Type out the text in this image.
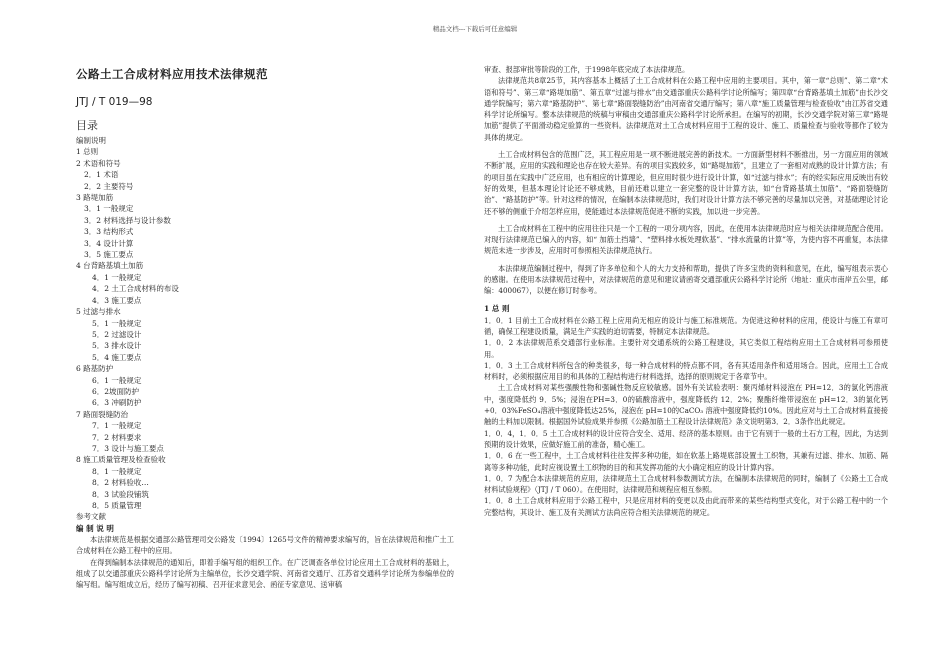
精品文档---下载后可任意编辑
公路土工合成材料应用技术法律规范
JTJ / T 019—98
目录
编制说明
1 总则
2 术语和符号
2．1 术语
2．2 主要符号
3 路堤加筋
3．1 一般规定
3．2 材料选择与设计参数
3．3 结构形式
3．4 设计计算
3．5 施工要点
4 台背路基填土加筋
4．1 一般规定
4．2 土工合成材料的布设
4．3 施工要点
5 过滤与排水
5．1 一般规定
5．2 过滤设计
5．3 排水设计
5．4 施工要点
6 路基防护
6．1 一般规定
6．2坡面防护
6．3 冲刷防护
7 路面裂缝防治
7．1 一般规定
7．2 材料要求
7．3 设计与施工要点
8 施工质量管理及检查验收
8．1 一般规定
8．2 材料验收…
8．3 试验段铺筑
8．5 质量管理
参考文献
编 制 说 明

本法律规范是根据交通部公路管理司交公路发〔1994〕1265号文件的精神要求编写的，旨在法律规范和推广土工合成材料在公路工程中的应用。

在得到编制本法律规范的通知后，即着手编写组的组织工作。在广泛调查各单位讨论应用土工合成材料的基础上，组成了以交通部重庆公路科学讨论所为主编单位，长沙交通学院、河南省交通厅、江苏省交通科学讨论所为参编单位的编写组。编写组成立后，经历了编写初稿、召开征求意见会、函征专家意见、送审稿

审查、报部审批等阶段的工作，于1998年底完成了本法律规范。

法律规范共8章25节，其内容基本上概括了土工合成材料在公路工程中应用的主要项目。其中，第一章“总则”、第二章“术语和符号”、第三章“路堤加筋”、第五章“过滤与排水”由交通部重庆公路科学讨论所编写；第四章“台背路基填土加筋”由长沙交通学院编写；第六章“路基防护”、第七章“路面裂缝防治”由河南省交通厅编写；第八章“施工质量管理与检查验收”由江苏省交通科学讨论所编写。整本法律规范的统稿与审稿由交通部重庆公路科学讨论所承担。在编写的初期，长沙交通学院对第三章“路堤加筋”提供了平面滑动稳定验算的一些资料。法律规范对土工合成材料应用于工程的设计、施工、质量检查与验收等都作了较为具体的规定。

土工合成材料包含的范围广泛，其工程应用是一项不断进展完善的新技术。一方面新型材料不断推出，另一方面应用的领域不断扩展，应用的实践和理论也存在较大差异。有的项目实践较多，如“路堤加筋”，且建立了一套相对成熟的设计计算方法；有的项目虽在实践中广泛应用，也有相应的计算理论，但应用时很少进行设计计算，如“过滤与排水”；有的经实际应用反映出有较好的效果，但基本理论讨论还不够成熟，目前还难以建立一套完整的设计计算方法，如“台背路基填土加筋”、“路面裂缝防治”、“路基防护”等。针对这样的情况，在编制本法律规范时，我们对设计计算方法不够完善的尽量加以完善，对基础理论讨论还不够的侧重于介绍怎样应用，使能通过本法律规范促进不断的实践，加以进一步完善。

土工合成材料在工程中的应用往往只是一个工程的一项分项内容，因此，在使用本法律规范时应与相关法律规范配合使用。对现行法律规范已编入的内容，如“ 加筋土挡墙”、“塑料排水板处理软基”、“排水流量的计算”等，为使内容不再重复，本法律规范未进一步涉及，应用时可参照相关法律规范执行。

本法律规范编制过程中，得到了许多单位和个人的大力支持和帮助，提供了许多宝贵的资料和意见，在此，编写组表示衷心的感谢。在使用本法律规范过程中，对法律规范的意见和建议请函寄交通部重庆公路科学讨论所（地址：重庆市南岸五公里，邮编：400067），以便在修订时参考。

1 总 则

1．0．1 目前土工合成材料在公路工程上应用尚无相应的设计与施工标准规范。为促进这种材料的应用，使设计与施工有章可循，确保工程建设质量，满足生产实践的迫切需要，特制定本法律规范。

1．0．2 本法律规范系交通部行业标准。主要针对交通系统的公路工程建设，其它类似工程结构应用土工合成材料可参照使用。

1．0．3 土工合成材料所包含的种类很多，每一种合成材料的特点都不同，各有其适用条件和适用场合。因此，应用土工合成材料时，必须根据应用目的和具体的工程结构进行材料选择，选择的原则规定于各章节中。

土工合成材料对某些强酸性物和强碱性物反应较敏感。国外有关试验表明：聚丙烯材料浸泡在 PH=12．3的氯化钙溶液中，强度降低约 9．5%；浸泡在PH=3．0的硫酸溶液中，强度降低约 12．2%；聚酯纤维带浸泡在 pH=12．3的氯化钙 +0．03%FeSO₄溶液中强度降低达25%，浸泡在 pH=10的CaCO₃ 溶液中强度降低约10%。因此应对与土工合成材料直接接触的土料加以限制。根据国外试验成果并参照《公路加筋土工程设计法律规范》条文说明第3．2．3条作出此规定。

1．0．4，1．0．5 土工合成材料的设计应符合安全、适用、经济的基本原则。由于它有别于一般的土石方工程，因此，为达到预期的设计效果，应做好施工前的准备，精心施工。

1．0．6 在一些工程中，土工合成材料往往发挥多种功能，如在软基上路堤底部设置土工织物，其兼有过滤、排水、加筋、隔离等多种功能，此时应视设置土工织物的目的和其发挥功能的大小确定相应的设计计算内容。

1．0．7 为配合本法律规范的应用，法律规范土工合成材料参数测试方法，在编制本法律规范的同时，编制了《公路土工合成材料试验规程》（JTJ / T 060）。在使用时，法律规范和规程应相互参照。

1．0．8 土工合成材料应用于公路工程中，只是应用材料的变更以及由此而带来的某些结构型式变化，对于公路工程中的一个完整结构，其设计、施工及有关测试方法尚应符合相关法律规范的规定。
